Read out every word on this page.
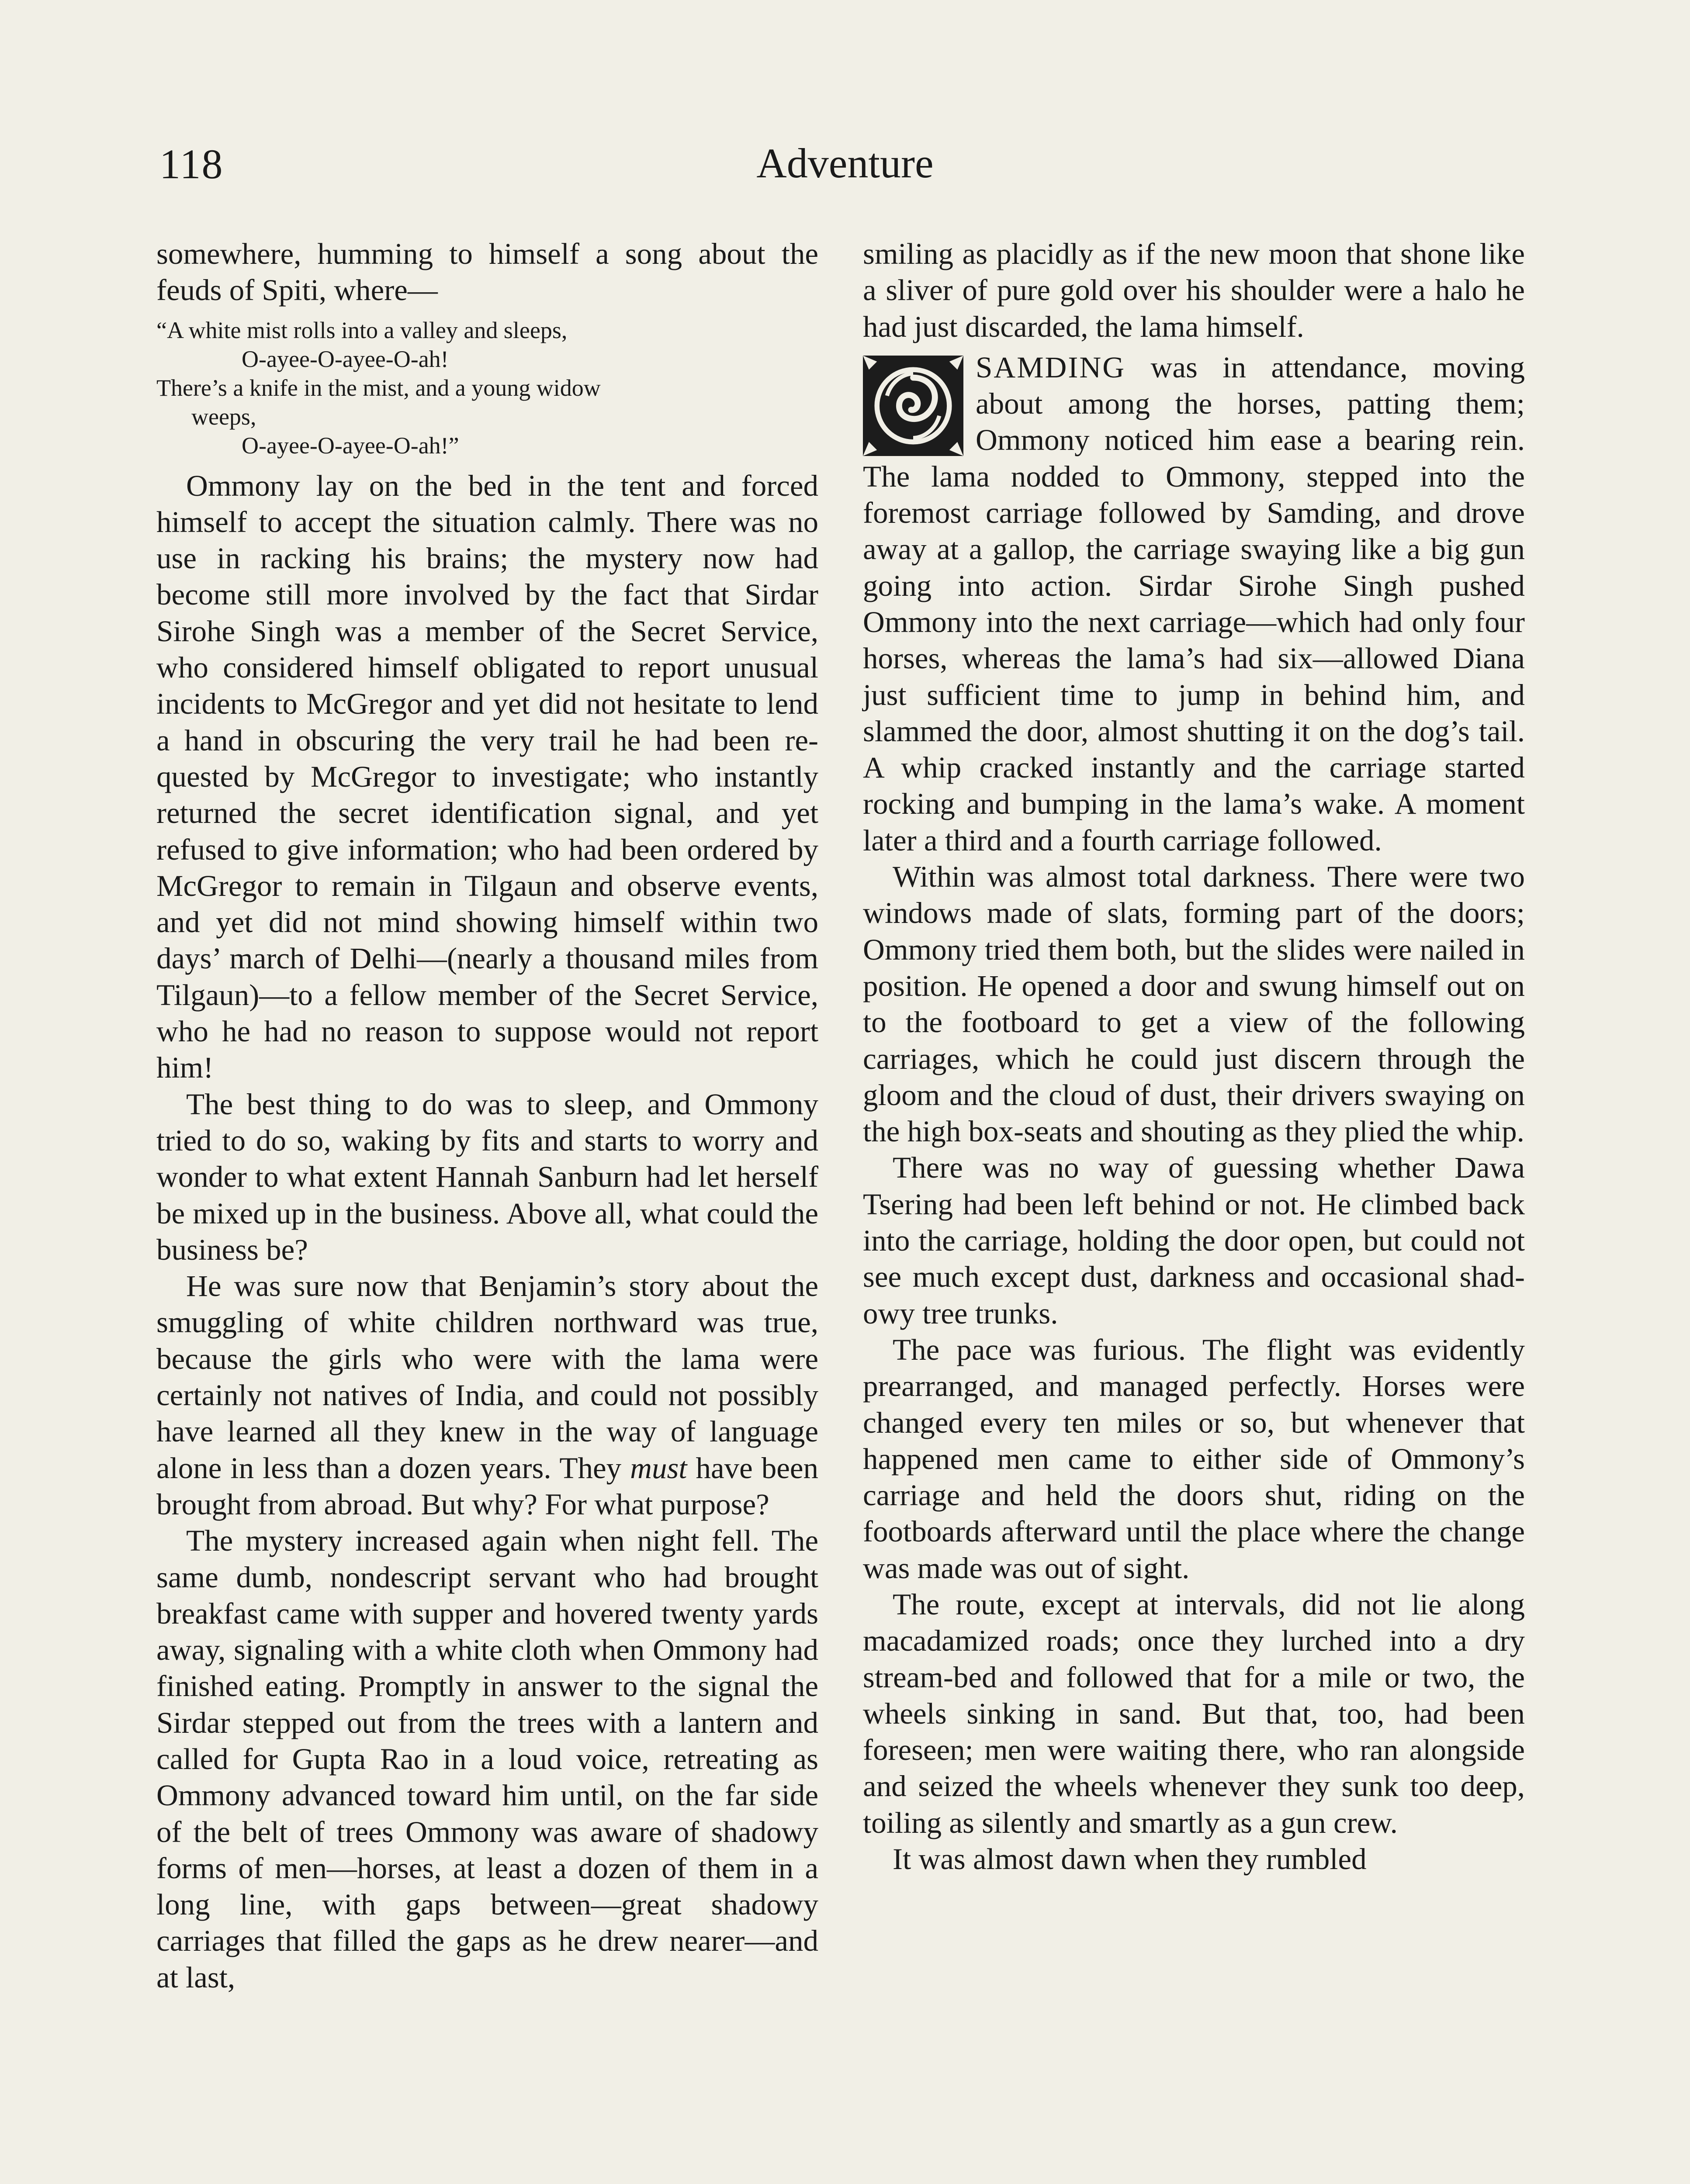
118	Adventure

somewhere, humming to himself a song about the feuds of Spiti, where—

“A white mist rolls into a valley and sleeps,
O-ayee-O-ayee-O-ah!
There’s a knife in the mist, and a young widow
weeps,
O-ayee-O-ayee-O-ah!”

Ommony lay on the bed in the tent and forced himself to accept the situation calmly. There was no use in racking his brains; the mystery now had become still more involved by the fact that Sirdar Sirohe Singh was a member of the Secret Service, who considered himself obligated to report unusual incidents to McGregor and yet did not hesitate to lend a hand in obscuring the very trail he had been requested by McGregor to investigate; who instantly returned the secret identification signal, and yet refused to give information; who had been ordered by McGregor to remain in Tilgaun and observe events, and yet did not mind showing himself within two days’ march of Delhi—(nearly a thousand miles from Tilgaun)—to a fellow member of the Secret Service, who he had no reason to suppose would not report him!

The best thing to do was to sleep, and Ommony tried to do so, waking by fits and starts to worry and wonder to what extent Hannah Sanburn had let herself be mixed up in the business. Above all, what could the business be?

He was sure now that Benjamin’s story about the smuggling of white children northward was true, because the girls who were with the lama were certainly not natives of India, and could not possibly have learned all they knew in the way of language alone in less than a dozen years. They must have been brought from abroad. But why? For what purpose?

The mystery increased again when night fell. The same dumb, nondescript servant who had brought breakfast came with supper and hovered twenty yards away, signaling with a white cloth when Ommony had finished eating. Promptly in answer to the signal the Sirdar stepped out from the trees with a lantern and called for Gupta Rao in a loud voice, retreating as Ommony advanced toward him until, on the far side of the belt of trees Ommony was aware of shadowy forms of men—horses, at least a dozen of them in a long line, with gaps between—great shadowy carriages that filled the gaps as he drew nearer—and at last,

smiling as placidly as if the new moon that shone like a sliver of pure gold over his shoulder were a halo he had just discarded, the lama himself.

SAMDING was in attendance, moving about among the horses, patting them; Ommony noticed him ease a bearing rein. The lama nodded to Ommony, stepped into the foremost carriage followed by Samding, and drove away at a gallop, the carriage swaying like a big gun going into action. Sirdar Sirohe Singh pushed Ommony into the next carriage—which had only four horses, whereas the lama’s had six—allowed Diana just sufficient time to jump in behind him, and slammed the door, almost shutting it on the dog’s tail. A whip cracked instantly and the carriage started rocking and bumping in the lama’s wake. A moment later a third and a fourth carriage followed.

Within was almost total darkness. There were two windows made of slats, forming part of the doors; Ommony tried them both, but the slides were nailed in position. He opened a door and swung himself out on to the footboard to get a view of the following carriages, which he could just discern through the gloom and the cloud of dust, their drivers swaying on the high box-seats and shouting as they plied the whip.

There was no way of guessing whether Dawa Tsering had been left behind or not. He climbed back into the carriage, holding the door open, but could not see much except dust, darkness and occasional shadowy tree trunks.

The pace was furious. The flight was evidently prearranged, and managed perfectly. Horses were changed every ten miles or so, but whenever that happened men came to either side of Ommony’s carriage and held the doors shut, riding on the footboards afterward until the place where the change was made was out of sight.

The route, except at intervals, did not lie along macadamized roads; once they lurched into a dry stream-bed and followed that for a mile or two, the wheels sinking in sand. But that, too, had been foreseen; men were waiting there, who ran alongside and seized the wheels whenever they sunk too deep, toiling as silently and smartly as a gun crew.

It was almost dawn when they rumbled
